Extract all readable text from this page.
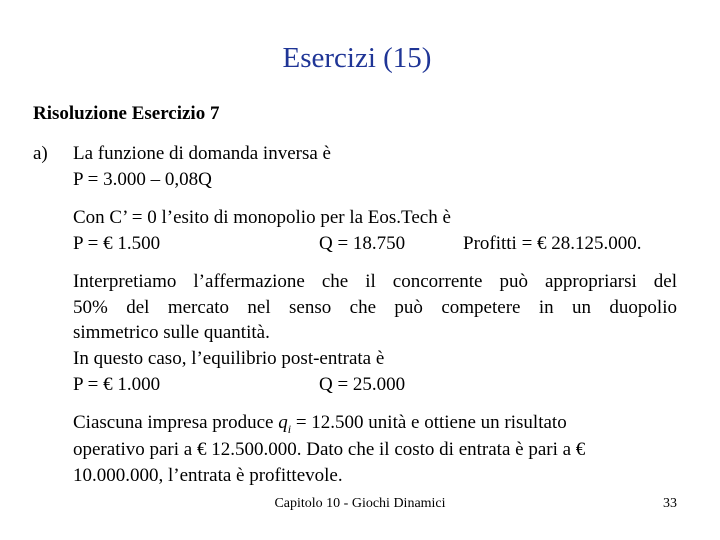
Esercizi (15)
Risoluzione Esercizio 7
a) La funzione di domanda inversa è
P = 3.000 – 0,08Q
Con C’ = 0 l’esito di monopolio per la Eos.Tech è
P = € 1.500	Q = 18.750	Profitti = € 28.125.000.
Interpretiamo l’affermazione che il concorrente può appropriarsi del
50% del mercato nel senso che può competere in un duopolio
simmetrico sulle quantità.
In questo caso, l’equilibrio post-entrata è
P = € 1.000	Q = 25.000
Ciascuna impresa produce $q_i = 12.500$ unità e ottiene un risultato
operativo pari a € 12.500.000. Dato che il costo di entrata è pari a €
10.000.000, l’entrata è profittevole.
Capitolo 10 - Giochi Dinamici	33
